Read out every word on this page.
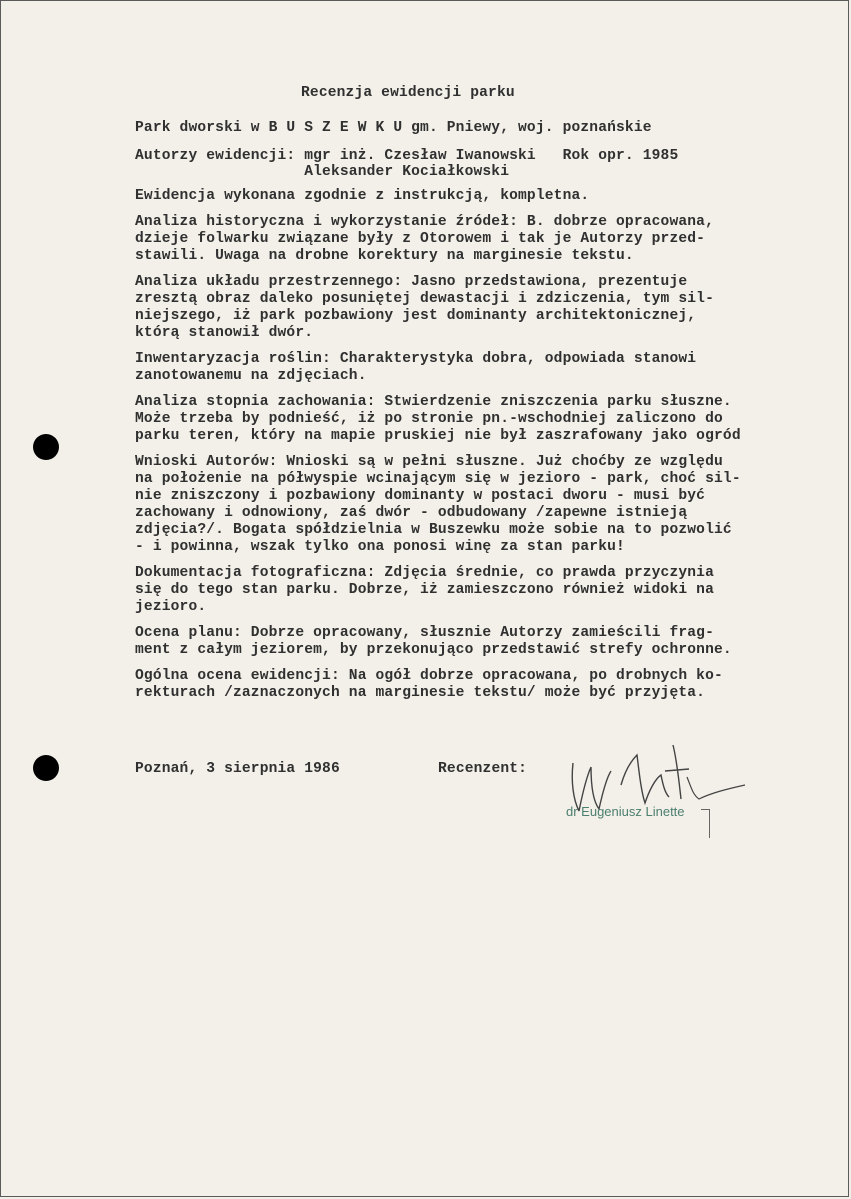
Recenzja ewidencji parku

Park dworski w B U S Z E W K U gm. Pniewy, woj. poznańskie

Autorzy ewidencji: mgr inż. Czesław Iwanowski   Rok opr. 1985

Aleksander Kociałkowski

Ewidencja wykonana zgodnie z instrukcją, kompletna.

Analiza historyczna i wykorzystanie źródeł: B. dobrze opracowana,

dzieje folwarku związane były z Otorowem i tak je Autorzy przed-

stawili. Uwaga na drobne korektury na marginesie tekstu.

Analiza układu przestrzennego: Jasno przedstawiona, prezentuje

zresztą obraz daleko posuniętej dewastacji i zdziczenia, tym sil-

niejszego, iż park pozbawiony jest dominanty architektonicznej,

którą stanowił dwór.

Inwentaryzacja roślin: Charakterystyka dobra, odpowiada stanowi

zanotowanemu na zdjęciach.

Analiza stopnia zachowania: Stwierdzenie zniszczenia parku słuszne.

Może trzeba by podnieść, iż po stronie pn.-wschodniej zaliczono do

parku teren, który na mapie pruskiej nie był zaszrafowany jako ogród

Wnioski Autorów: Wnioski są w pełni słuszne. Już choćby ze względu

na położenie na półwyspie wcinającym się w jezioro - park, choć sil-

nie zniszczony i pozbawiony dominanty w postaci dworu - musi być

zachowany i odnowiony, zaś dwór - odbudowany /zapewne istnieją

zdjęcia?/. Bogata spółdzielnia w Buszewku może sobie na to pozwolić

- i powinna, wszak tylko ona ponosi winę za stan parku!

Dokumentacja fotograficzna: Zdjęcia średnie, co prawda przyczynia

się do tego stan parku. Dobrze, iż zamieszczono również widoki na

jezioro.

Ocena planu: Dobrze opracowany, słusznie Autorzy zamieścili frag-

ment z całym jeziorem, by przekonująco przedstawić strefy ochronne.

Ogólna ocena ewidencji: Na ogół dobrze opracowana, po drobnych ko-

rekturach /zaznaczonych na marginesie tekstu/ może być przyjęta.

Poznań, 3 sierpnia 1986	Recenzent:

dr Eugeniusz Linette
